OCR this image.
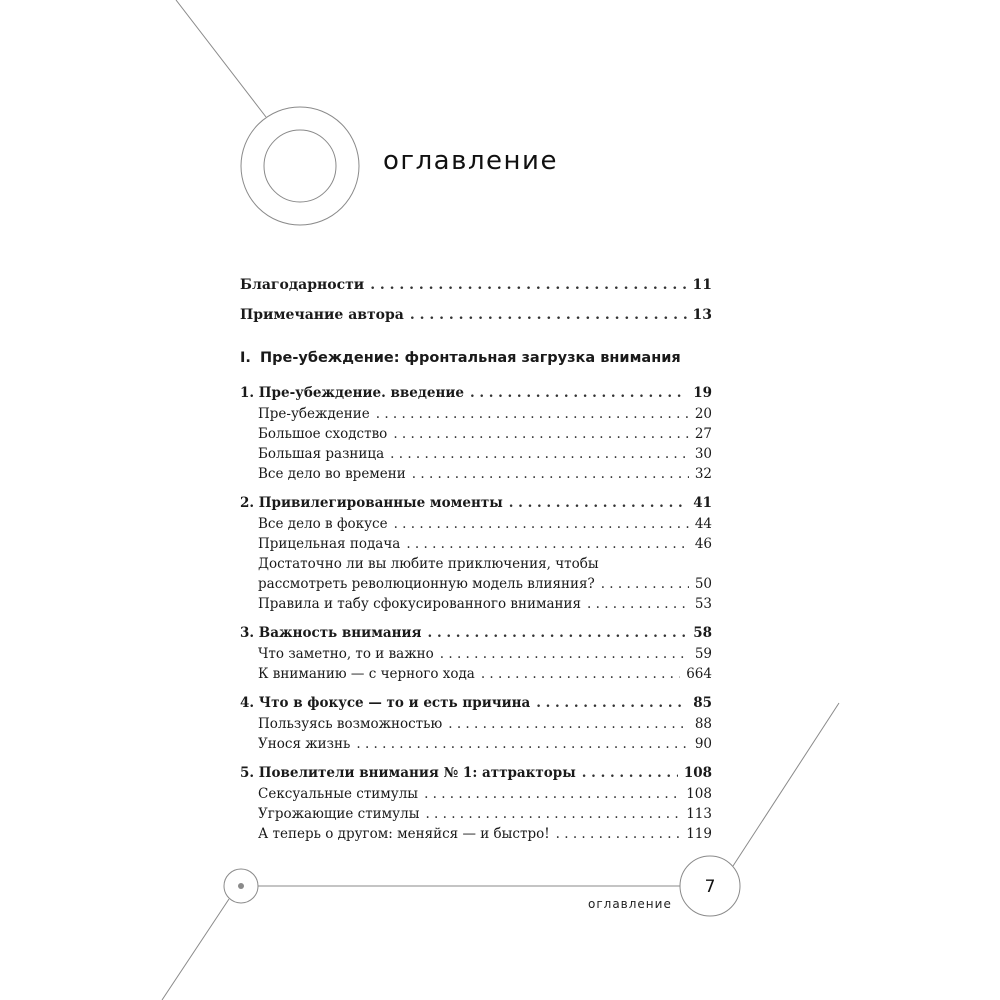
оглавление
Благодарности . . .	11
Примечание автора . . .	13
I. Пре-убеждение: фронтальная загрузка внимания
1. Пре-убеждение. введение . . .	19
Пре-убеждение . . .	20
Большое сходство . . .	27
Большая разница . . .	30
Все дело во времени . . .	32
2. Привилегированные моменты . . .	41
Все дело в фокусе . . .	44
Прицельная подача . . .	46
Достаточно ли вы любите приключения, чтобы
рассмотреть революционную модель влияния? . . .	50
Правила и табу сфокусированного внимания . . .	53
3. Важность внимания . . .	58
Что заметно, то и важно . . .	59
К вниманию — с черного хода . . .	664
4. Что в фокусе — то и есть причина . . .	85
Пользуясь возможностью . . .	88
Унося жизнь . . .	90
5. Повелители внимания № 1: аттракторы . . .	108
Сексуальные стимулы . . .	108
Угрожающие стимулы . . .	113
А теперь о другом: меняйся — и быстро! . . .	119
7
оглавление
